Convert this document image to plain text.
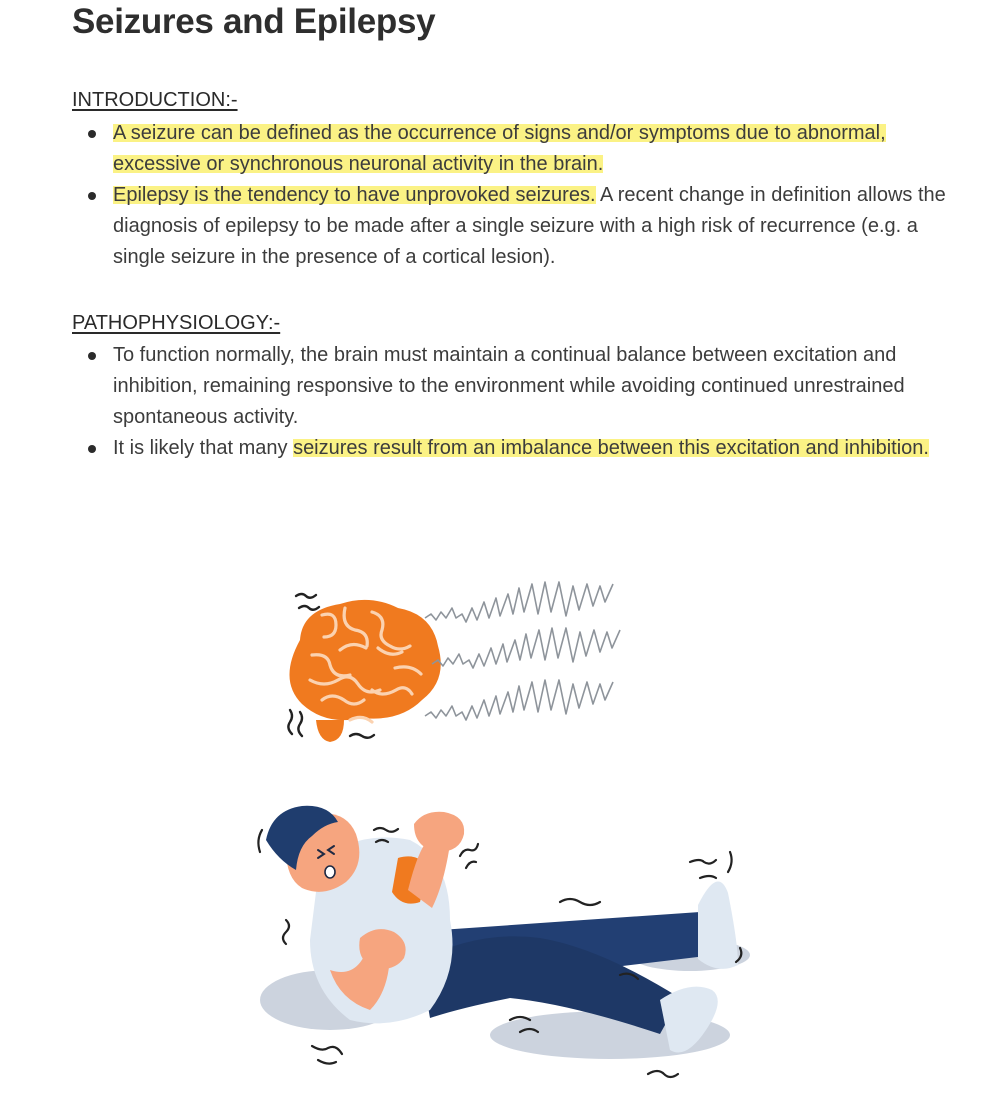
Seizures and Epilepsy
INTRODUCTION:-
A seizure can be defined as the occurrence of signs and/or symptoms due to abnormal, excessive or synchronous neuronal activity in the brain.
Epilepsy is the tendency to have unprovoked seizures. A recent change in definition allows the diagnosis of epilepsy to be made after a single seizure with a high risk of recurrence (e.g. a single seizure in the presence of a cortical lesion).
PATHOPHYSIOLOGY:-
To function normally, the brain must maintain a continual balance between excitation and inhibition, remaining responsive to the environment while avoiding continued unrestrained spontaneous activity.
It is likely that many seizures result from an imbalance between this excitation and inhibition.
